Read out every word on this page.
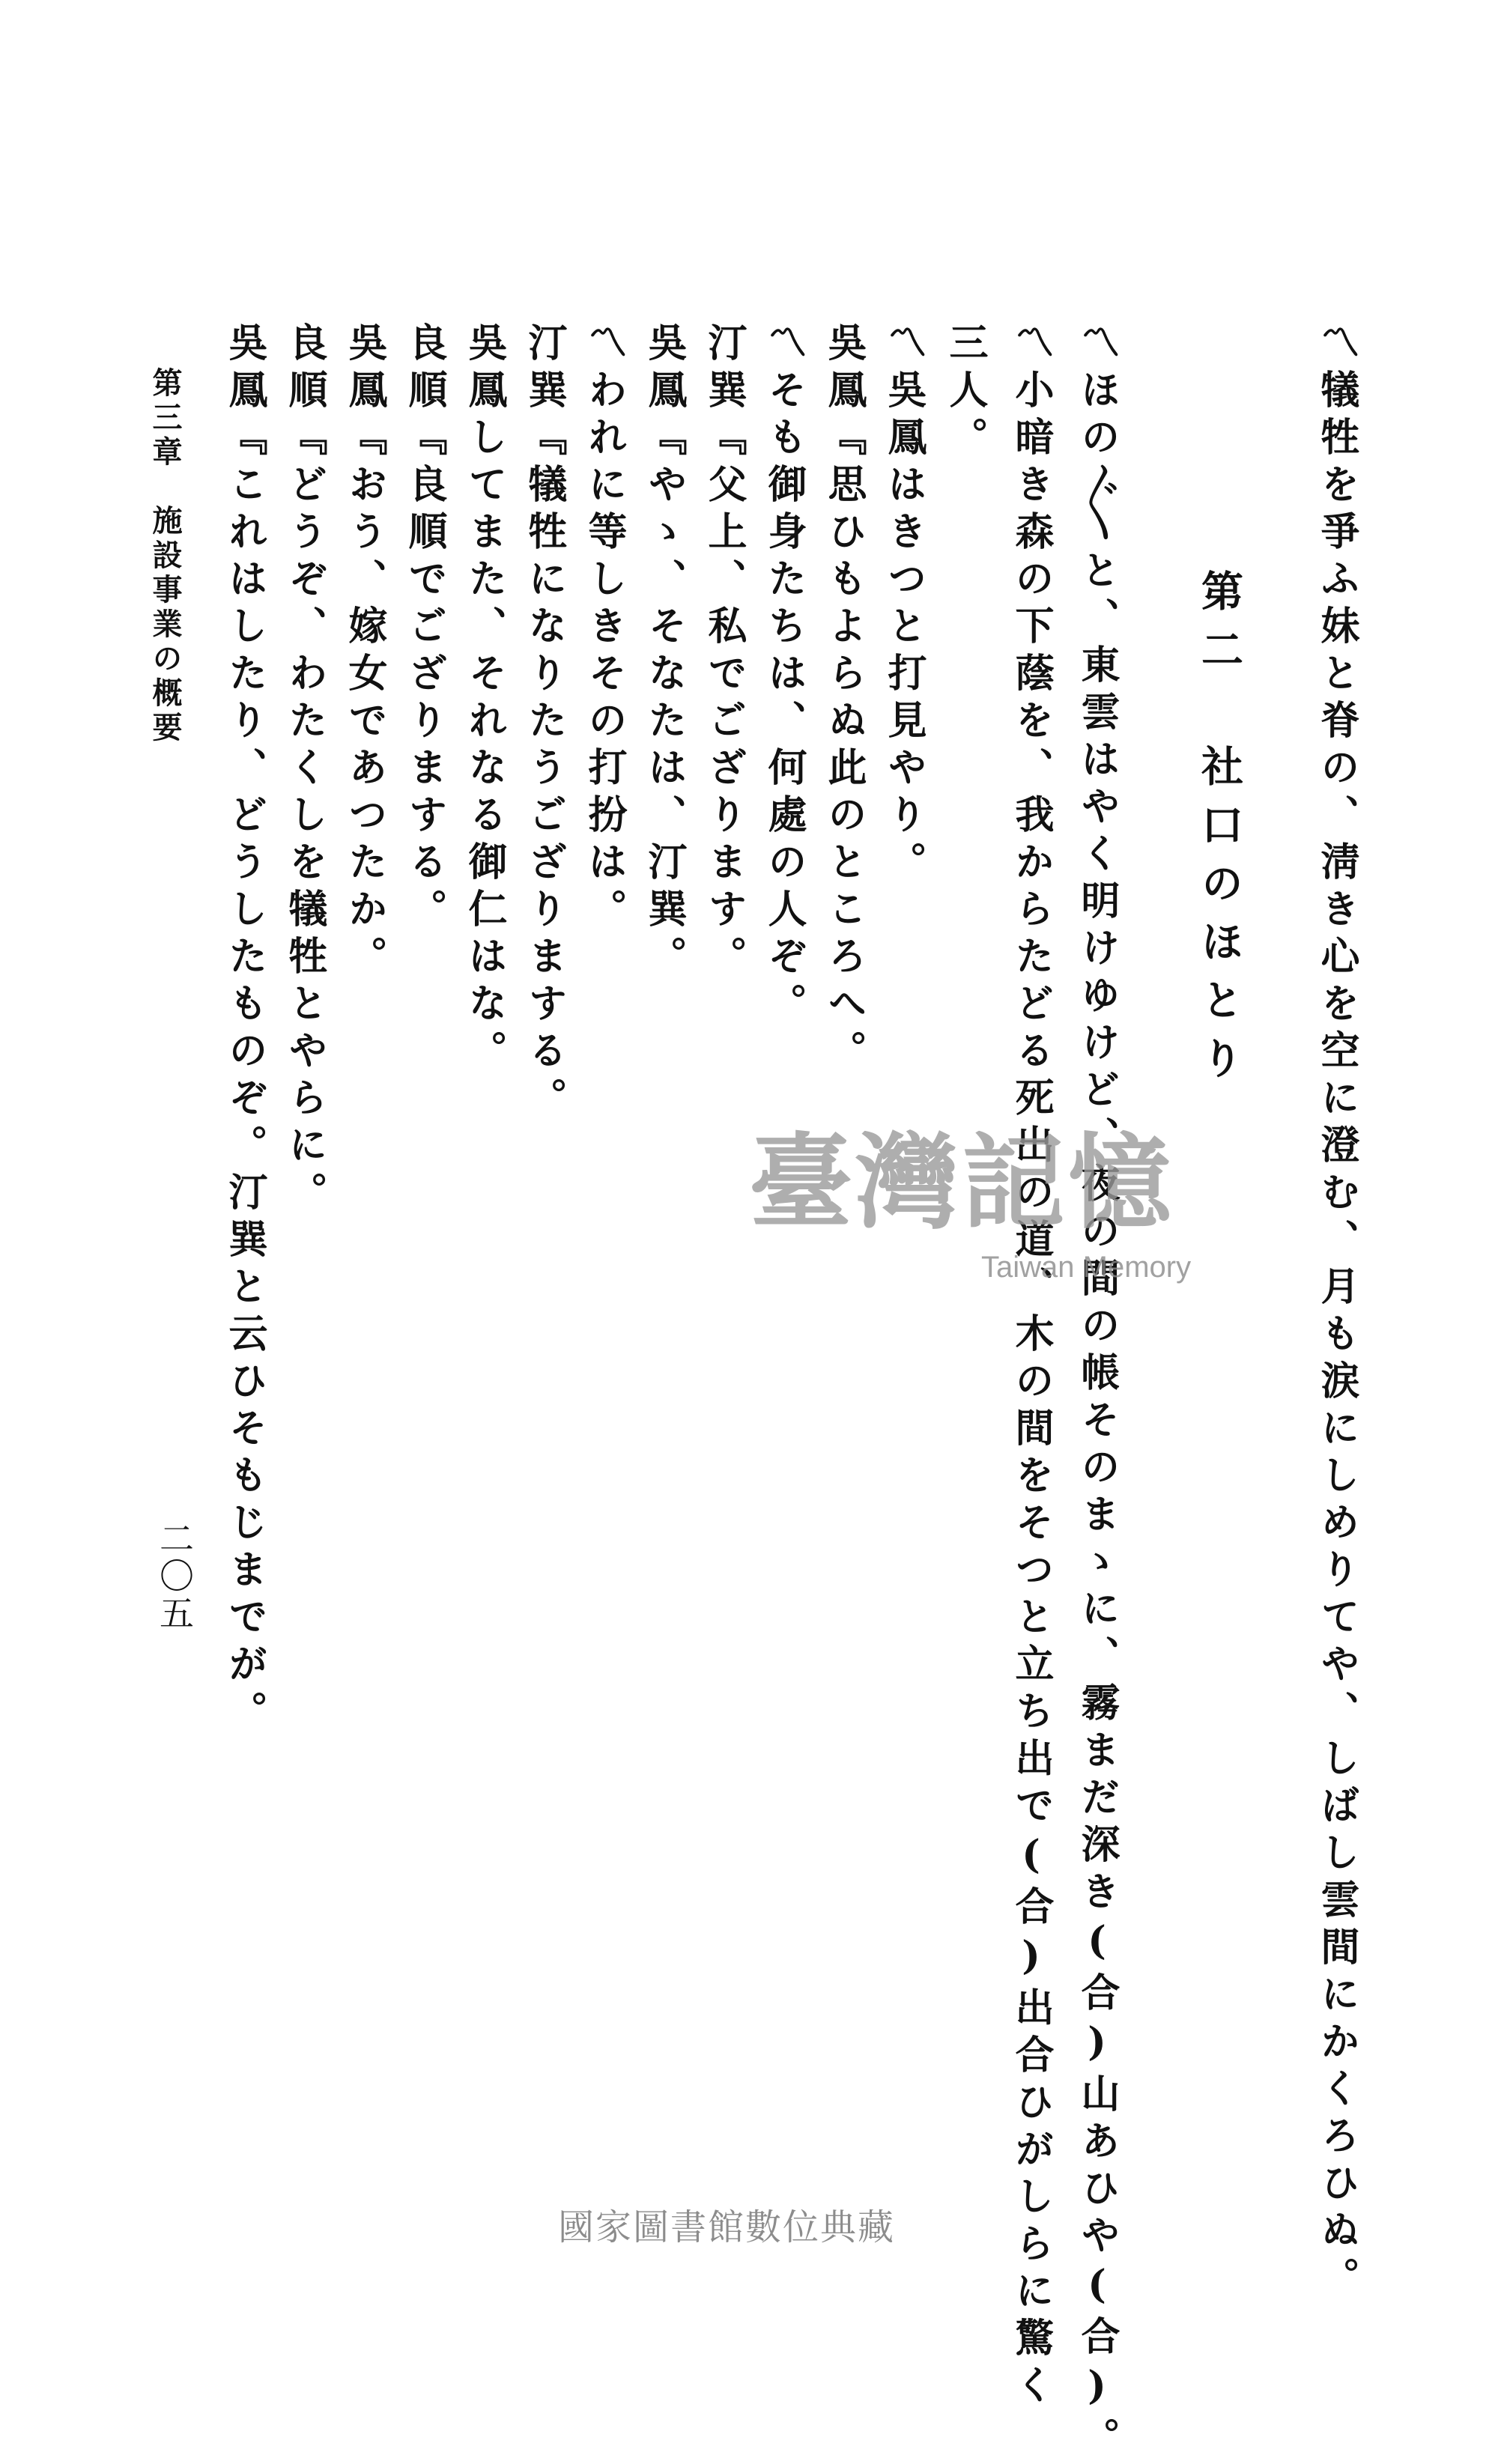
〽犠牲を爭ふ妹と脊の、淸き心を空に澄む、月も涙にしめりてや、しばし雲間にかくろひぬ。
第二　社口のほとり
〽ほの〴〵と、東雲はやく明けゆけど、夜の間の帳そのまゝに、霧まだ深き(合)山あひや(合)。
〽小暗き森の下蔭を、我からたどる死出の道、木の間をそつと立ち出で(合)出合ひがしらに驚く
三人。
〽吳鳳はきつと打見やり。
吳鳳『思ひもよらぬ此のところへ。
〽そも御身たちは、何處の人ぞ。
汀巽『父上、私でござります。
吳鳳『やゝ、そなたは、汀巽。
〽われに等しきその打扮は。
汀巽『犠牲になりたうござりまする。
吳鳳してまた、それなる御仁はな。
良順『良順でござりまする。
吳鳳『おう、嫁女であつたか。
良順『どうぞ、わたくしを犠牲とやらに。
吳鳳『これはしたり、どうしたものぞ。汀巽と云ひそもじまでが。
第三章　施設事業の概要
二〇五
臺灣記憶
Taiwan Memory
國家圖書館數位典藏
